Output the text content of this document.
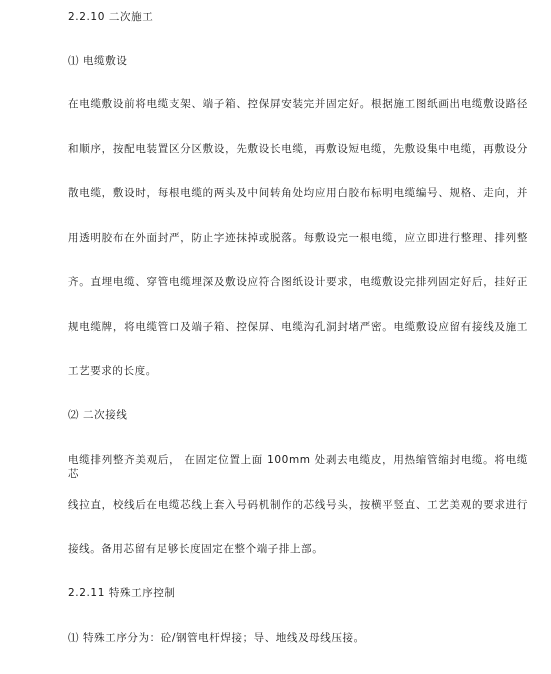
2.2.10 二次施工
⑴ 电缆敷设
在电缆敷设前将电缆支架、端子箱、控保屏安装完并固定好。根据施工图纸画出电缆敷设路径
和顺序，按配电装置区分区敷设，先敷设长电缆，再敷设短电缆，先敷设集中电缆，再敷设分
散电缆，敷设时，每根电缆的两头及中间转角处均应用白胶布标明电缆编号、规格、走向，并
用透明胶布在外面封严，防止字迹抹掉或脱落。每敷设完一根电缆，应立即进行整理、排列整
齐。直埋电缆、穿管电缆埋深及敷设应符合图纸设计要求，电缆敷设完排列固定好后，挂好正
规电缆牌，将电缆管口及端子箱、控保屏、电缆沟孔洞封堵严密。电缆敷设应留有接线及施工
工艺要求的长度。
⑵ 二次接线
电缆排列整齐美观后， 在固定位置上面 100mm 处剥去电缆皮，用热缩管缩封电缆。将电缆芯
线拉直，校线后在电缆芯线上套入号码机制作的芯线号头，按横平竖直、工艺美观的要求进行
接线。备用芯留有足够长度固定在整个端子排上部。
2.2.11 特殊工序控制
⑴ 特殊工序分为：砼/钢管电杆焊接；导、地线及母线压接。
